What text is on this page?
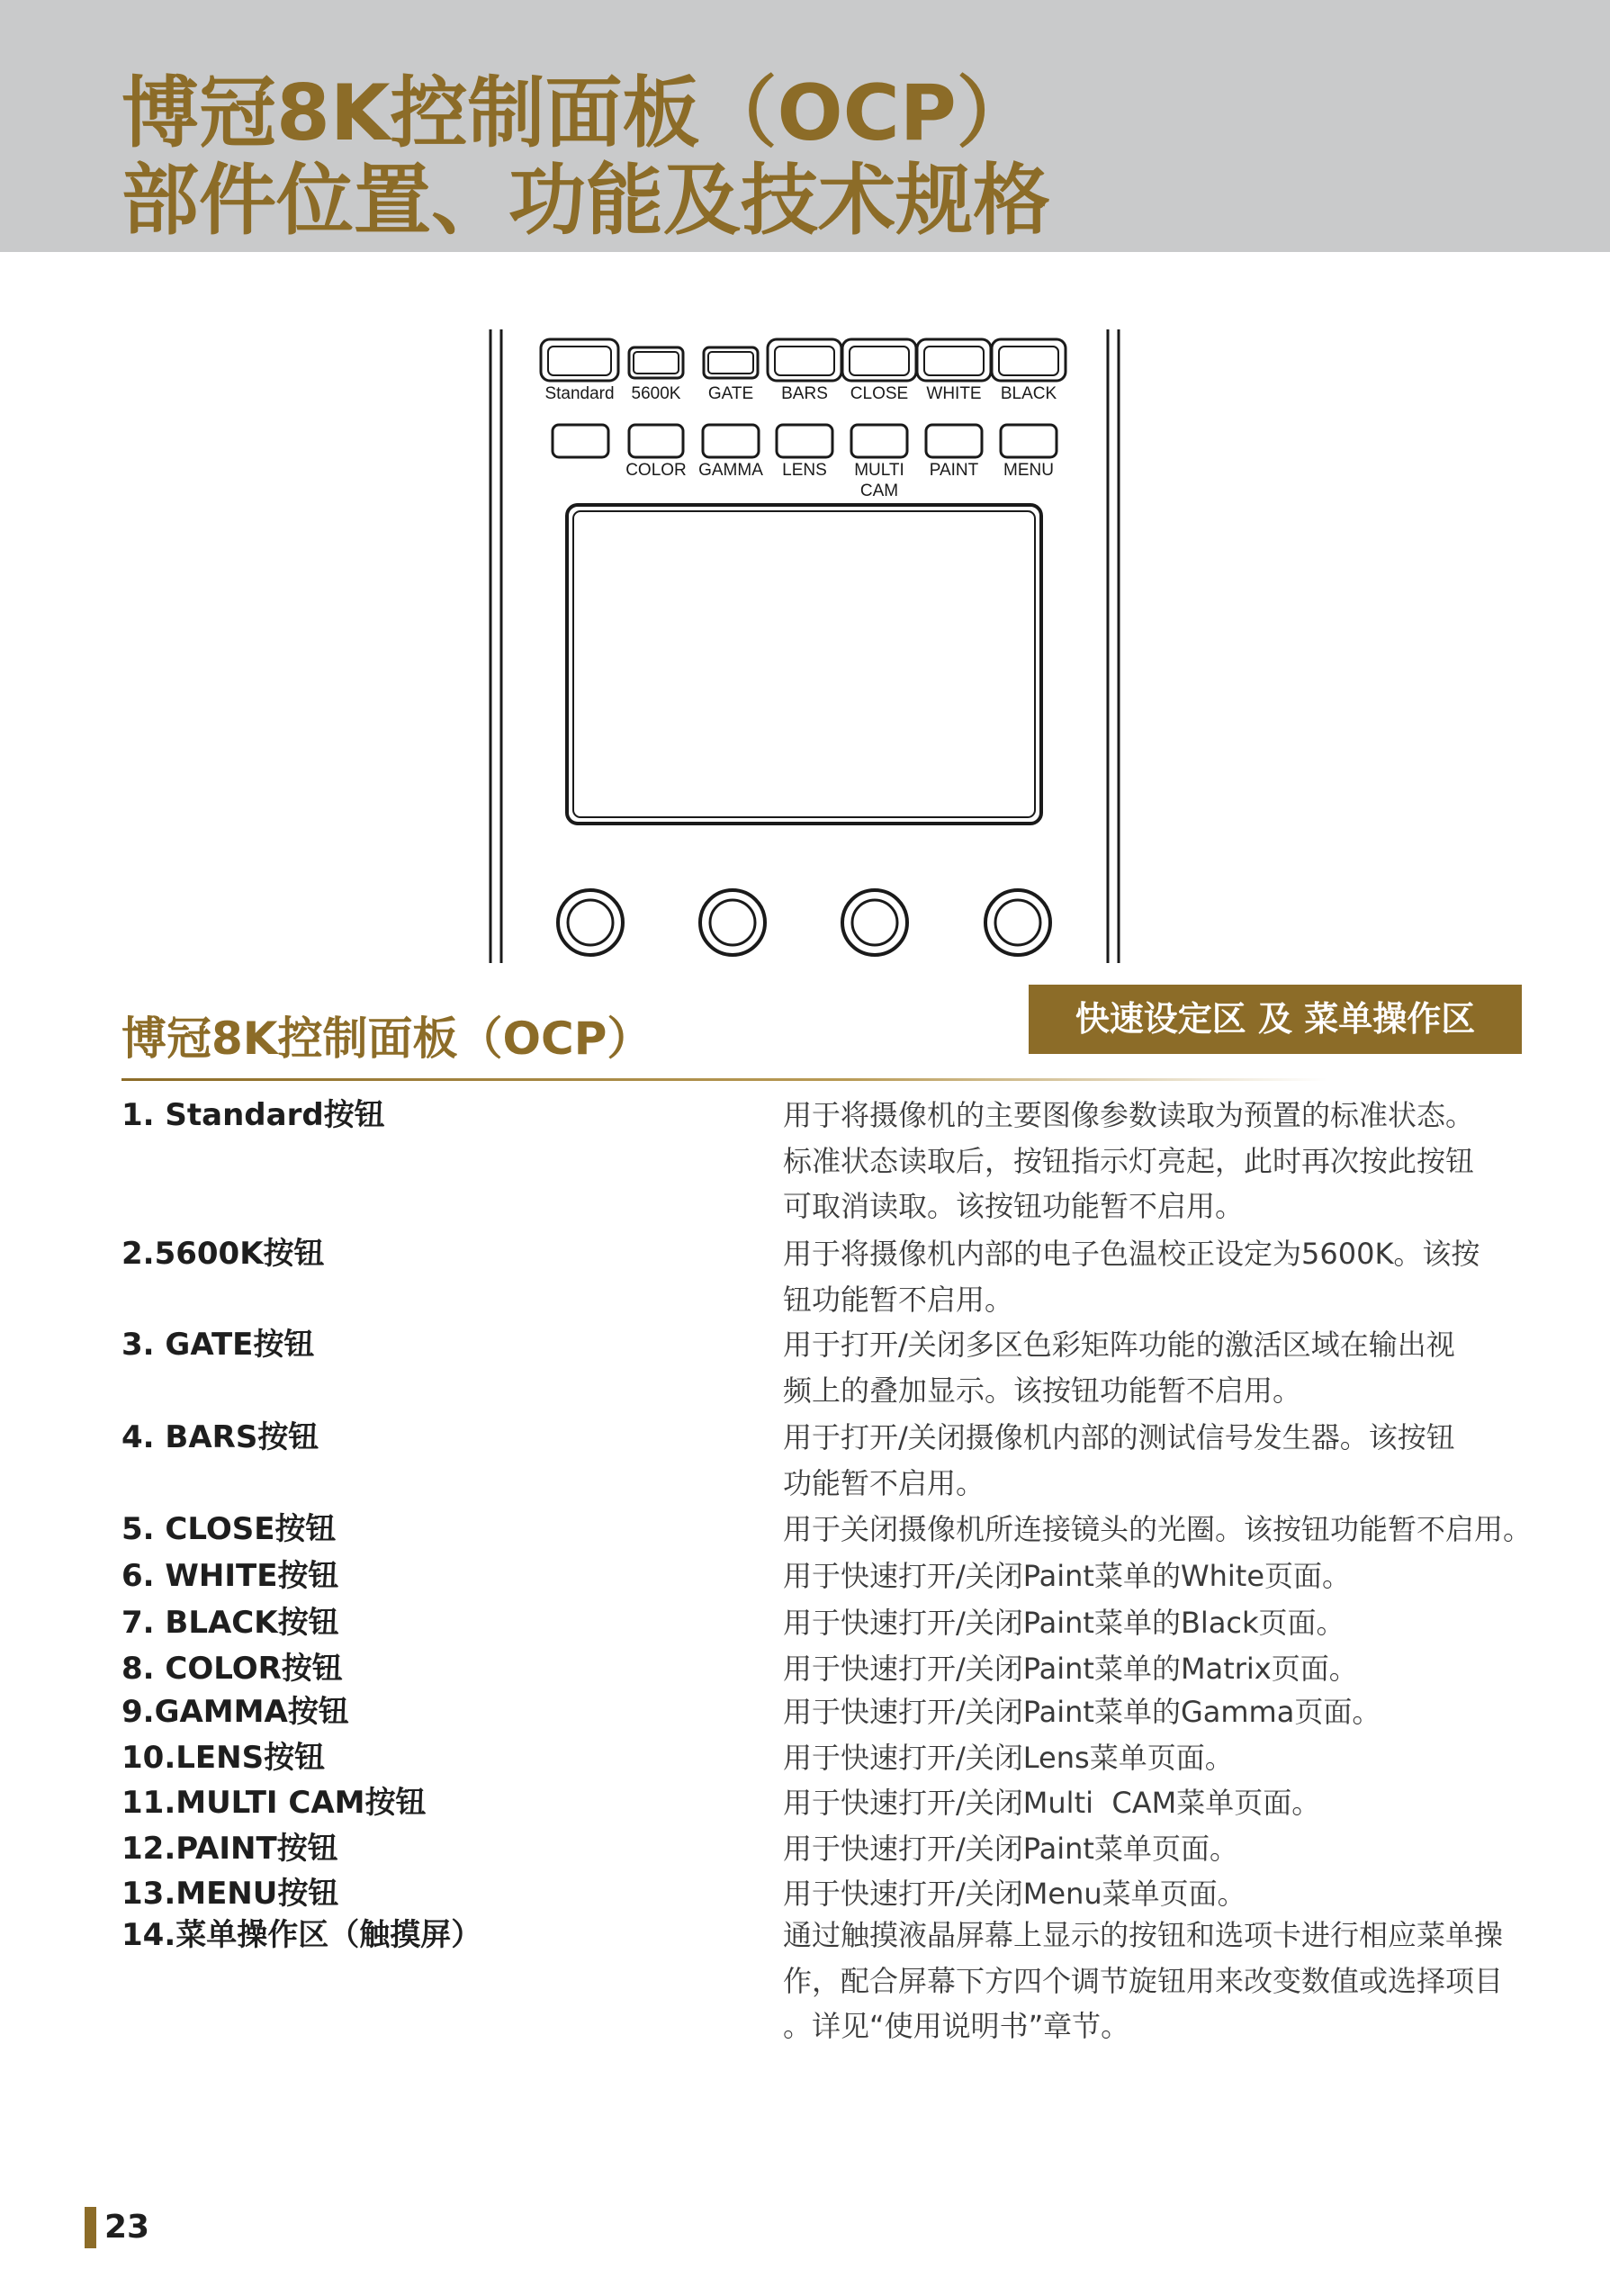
博冠8K控制面板（OCP）
部件位置、功能及技术规格
Standard 5600K GATE BARS CLOSE WHITE BLACK
COLOR GAMMA LENS MULTI
CAM
PAINT MENU
博冠8K控制面板（OCP）	快速设定区 及 菜单操作区
1. Standard按钮	用于将摄像机的主要图像参数读取为预置的标准状态。
标准状态读取后，按钮指示灯亮起，此时再次按此按钮
可取消读取。该按钮功能暂不启用。
2.5600K按钮	用于将摄像机内部的电子色温校正设定为5600K。该按
钮功能暂不启用。
3. GATE按钮	用于打开/关闭多区色彩矩阵功能的激活区域在输出视
频上的叠加显示。该按钮功能暂不启用。
4. BARS按钮	用于打开/关闭摄像机内部的测试信号发生器。该按钮
功能暂不启用。
5. CLOSE按钮	用于关闭摄像机所连接镜头的光圈。该按钮功能暂不启用。
6. WHITE按钮	用于快速打开/关闭Paint菜单的White页面。
7. BLACK按钮	用于快速打开/关闭Paint菜单的Black页面。
8. COLOR按钮	用于快速打开/关闭Paint菜单的Matrix页面。
9.GAMMA按钮	用于快速打开/关闭Paint菜单的Gamma页面。
10.LENS按钮	用于快速打开/关闭Lens菜单页面。
11.MULTI CAM按钮	用于快速打开/关闭Multi  CAM菜单页面。
12.PAINT按钮	用于快速打开/关闭Paint菜单页面。
13.MENU按钮	用于快速打开/关闭Menu菜单页面。
14.菜单操作区（触摸屏）	通过触摸液晶屏幕上显示的按钮和选项卡进行相应菜单操
作，配合屏幕下方四个调节旋钮用来改变数值或选择项目
。详见“使用说明书”章节。
23
